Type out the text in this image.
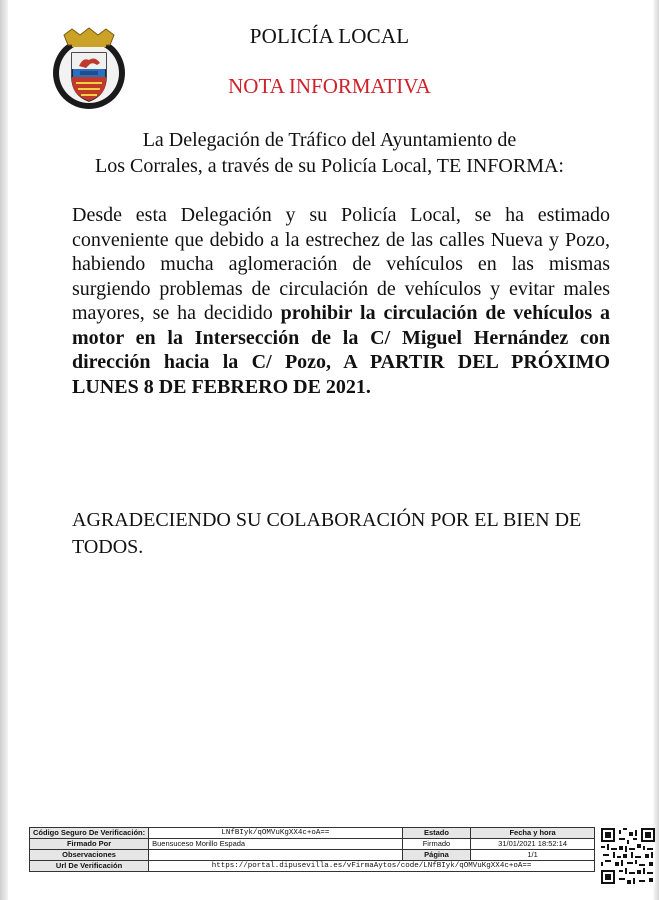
POLICÍA LOCAL
NOTA INFORMATIVA
La Delegación de Tráfico del Ayuntamiento de
Los Corrales, a través de su Policía Local, TE INFORMA:
Desde esta Delegación y su Policía Local, se ha estimado conveniente que debido a la estrechez de las calles Nueva y Pozo, habiendo mucha aglomeración de vehículos en las mismas surgiendo problemas de circulación de vehículos y evitar males mayores, se ha decidido prohibir la circulación de vehículos a motor en la Intersección de la C/ Miguel Hernández con dirección hacia la C/ Pozo, A PARTIR DEL PRÓXIMO LUNES 8 DE FEBRERO DE 2021.
AGRADECIENDO SU COLABORACIÓN POR EL BIEN DE TODOS.
Código Seguro De Verificación:	LNfBIyk/qOMVuKgXX4c+oA==	Estado	Fecha y hora
Firmado Por	Buensuceso Morillo Espada	Firmado	31/01/2021 18:52:14
Observaciones		Página	1/1
Url De Verificación	https://portal.dipusevilla.es/vFirmaAytos/code/LNfBIyk/qOMVuKgXX4c+oA==		
